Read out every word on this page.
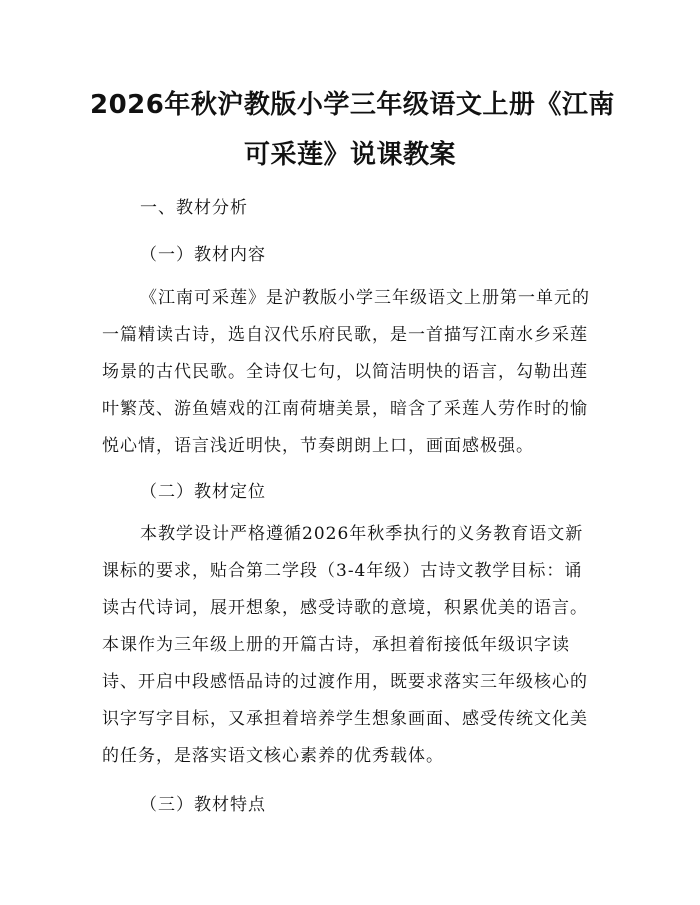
2026年秋沪教版小学三年级语文上册《江南
可采莲》说课教案

一、教材分析

（一）教材内容

《江南可采莲》是沪教版小学三年级语文上册第一单元的
一篇精读古诗，选自汉代乐府民歌，是一首描写江南水乡采莲
场景的古代民歌。全诗仅七句，以简洁明快的语言，勾勒出莲
叶繁茂、游鱼嬉戏的江南荷塘美景，暗含了采莲人劳作时的愉
悦心情，语言浅近明快，节奏朗朗上口，画面感极强。

（二）教材定位

本教学设计严格遵循2026年秋季执行的义务教育语文新
课标的要求，贴合第二学段（3-4年级）古诗文教学目标：诵
读古代诗词，展开想象，感受诗歌的意境，积累优美的语言。
本课作为三年级上册的开篇古诗，承担着衔接低年级识字读
诗、开启中段感悟品诗的过渡作用，既要求落实三年级核心的
识字写字目标，又承担着培养学生想象画面、感受传统文化美
的任务，是落实语文核心素养的优秀载体。

（三）教材特点
